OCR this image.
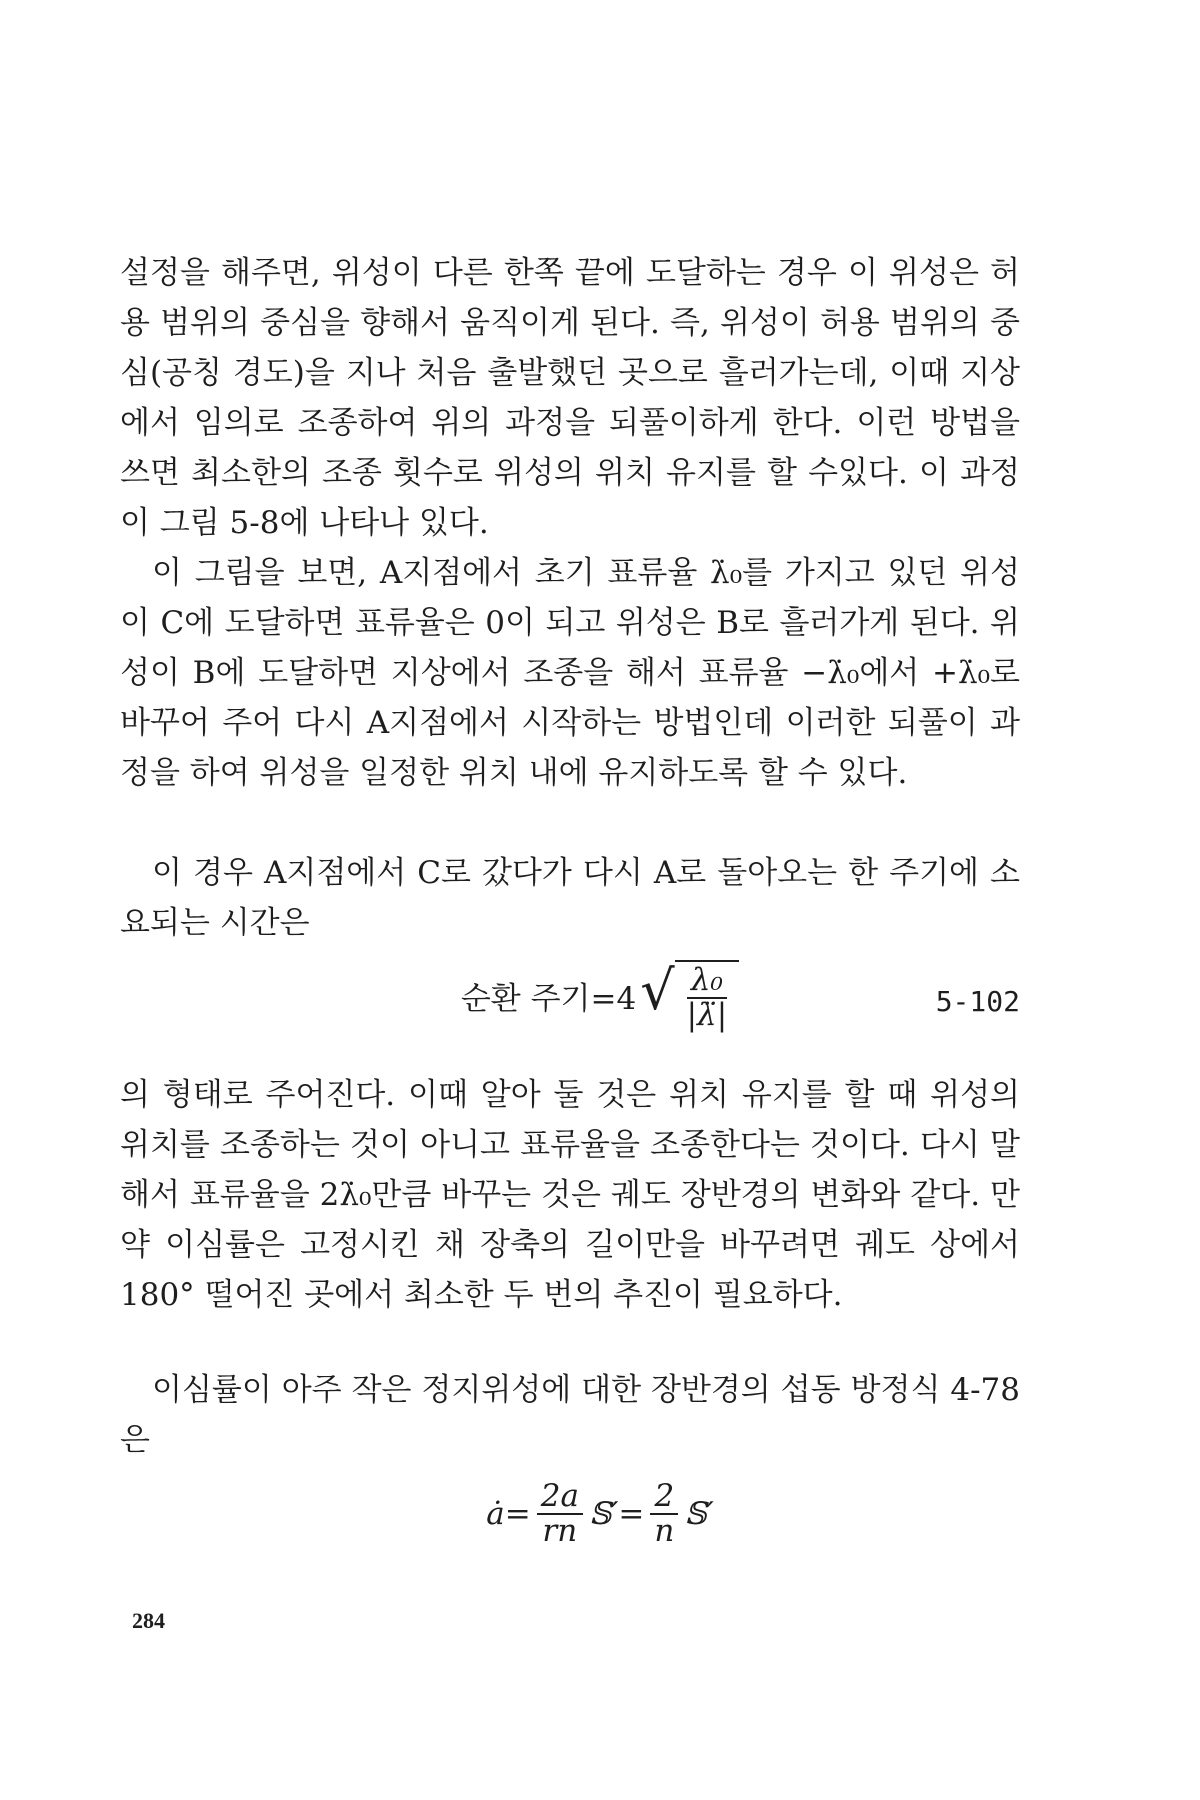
설정을 해주면, 위성이 다른 한쪽 끝에 도달하는 경우 이 위성은 허용 범위의 중심을 향해서 움직이게 된다. 즉, 위성이 허용 범위의 중심(공칭 경도)을 지나 처음 출발했던 곳으로 흘러가는데, 이때 지상에서 임의로 조종하여 위의 과정을 되풀이하게 한다. 이런 방법을 쓰면 최소한의 조종 횟수로 위성의 위치 유지를 할 수있다. 이 과정이 그림 5-8에 나타나 있다.

이 그림을 보면, A지점에서 초기 표류율 λ̇₀를 가지고 있던 위성이 C에 도달하면 표류율은 0이 되고 위성은 B로 흘러가게 된다. 위성이 B에 도달하면 지상에서 조종을 해서 표류율 −λ̇₀에서 +λ̇₀로 바꾸어 주어 다시 A지점에서 시작하는 방법인데 이러한 되풀이 과정을 하여 위성을 일정한 위치 내에 유지하도록 할 수 있다.

이 경우 A지점에서 C로 갔다가 다시 A로 돌아오는 한 주기에 소요되는 시간은

순환 주기=4 √ $\frac{\text{λ₀}}{|\lambdä|}$	5-102

의 형태로 주어진다. 이때 알아 둘 것은 위치 유지를 할 때 위성의 위치를 조종하는 것이 아니고 표류율을 조종한다는 것이다. 다시 말해서 표류율을 2λ̇₀만큼 바꾸는 것은 궤도 장반경의 변화와 같다. 만약 이심률은 고정시킨 채 장축의 길이만을 바꾸려면 궤도 상에서 180° 떨어진 곳에서 최소한 두 번의 추진이 필요하다.

이심률이 아주 작은 정지위성에 대한 장반경의 섭동 방정식 4-78은

ȧ= $\frac{2a}{rn}$ 𝕊′= $\frac{2}{n}$ 𝕊′
284
